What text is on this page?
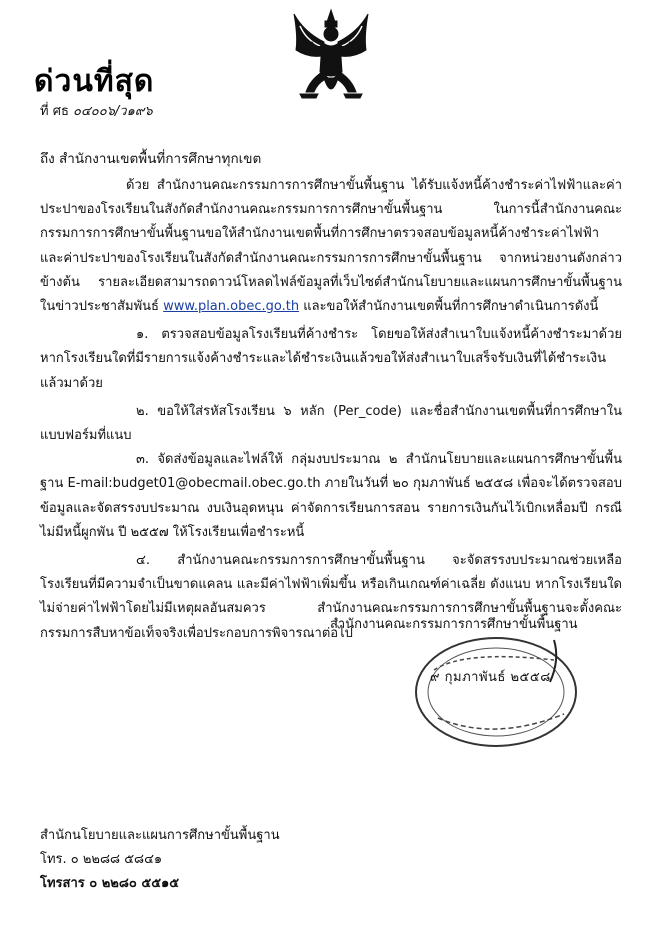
ด่วนที่สุด
ที่ ศธ ๐๔๐๐๖/ว๑๙๖
ถึง สำนักงานเขตพื้นที่การศึกษาทุกเขต

ด้วย สำนักงานคณะกรรมการการศึกษาขั้นพื้นฐาน ได้รับแจ้งหนี้ค้างชำระค่าไฟฟ้าและค่าประปาของโรงเรียนในสังกัดสำนักงานคณะกรรมการการศึกษาขั้นพื้นฐาน ในการนี้สำนักงานคณะกรรมการการศึกษาขั้นพื้นฐานขอให้สำนักงานเขตพื้นที่การศึกษาตรวจสอบข้อมูลหนี้ค้างชำระค่าไฟฟ้าและค่าประปาของโรงเรียนในสังกัดสำนักงานคณะกรรมการการศึกษาขั้นพื้นฐาน จากหน่วยงานดังกล่าวข้างต้น รายละเอียดสามารถดาวน์โหลดไฟล์ข้อมูลที่เว็บไซต์สำนักนโยบายและแผนการศึกษาขั้นพื้นฐาน ในข่าวประชาสัมพันธ์ www.plan.obec.go.th และขอให้สำนักงานเขตพื้นที่การศึกษาดำเนินการดังนี้

๑. ตรวจสอบข้อมูลโรงเรียนที่ค้างชำระ โดยขอให้ส่งสำเนาใบแจ้งหนี้ค้างชำระมาด้วย หากโรงเรียนใดที่มีรายการแจ้งค้างชำระและได้ชำระเงินแล้วขอให้ส่งสำเนาใบเสร็จรับเงินที่ได้ชำระเงินแล้วมาด้วย

๒. ขอให้ใส่รหัสโรงเรียน ๖ หลัก (Per_code) และชื่อสำนักงานเขตพื้นที่การศึกษาในแบบฟอร์มที่แนบ

๓. จัดส่งข้อมูลและไฟล์ให้ กลุ่มงบประมาณ ๒ สำนักนโยบายและแผนการศึกษาขั้นพื้นฐาน E-mail:budget01@obecmail.obec.go.th ภายในวันที่ ๒๐ กุมภาพันธ์ ๒๕๕๘ เพื่อจะได้ตรวจสอบข้อมูลและจัดสรรงบประมาณ งบเงินอุดหนุน ค่าจัดการเรียนการสอน รายการเงินกันไว้เบิกเหลื่อมปี กรณีไม่มีหนี้ผูกพัน ปี ๒๕๕๗ ให้โรงเรียนเพื่อชำระหนี้

๔. สำนักงานคณะกรรมการการศึกษาขั้นพื้นฐาน จะจัดสรรงบประมาณช่วยเหลือโรงเรียนที่มีความจำเป็นขาดแคลน และมีค่าไฟฟ้าเพิ่มขึ้น หรือเกินเกณฑ์ค่าเฉลี่ย ดังแนบ หากโรงเรียนใดไม่จ่ายค่าไฟฟ้าโดยไม่มีเหตุผลอันสมควร สำนักงานคณะกรรมการการศึกษาขั้นพื้นฐานจะตั้งคณะกรรมการสืบหาข้อเท็จจริงเพื่อประกอบการพิจารณาต่อไป

สำนักงานคณะกรรมการการศึกษาขั้นพื้นฐาน
๙ กุมภาพันธ์ ๒๕๕๘
สำนักนโยบายและแผนการศึกษาขั้นพื้นฐาน
โทร. ๐ ๒๒๘๘ ๕๘๔๑
โทรสาร ๐ ๒๒๘๐ ๕๕๑๕
